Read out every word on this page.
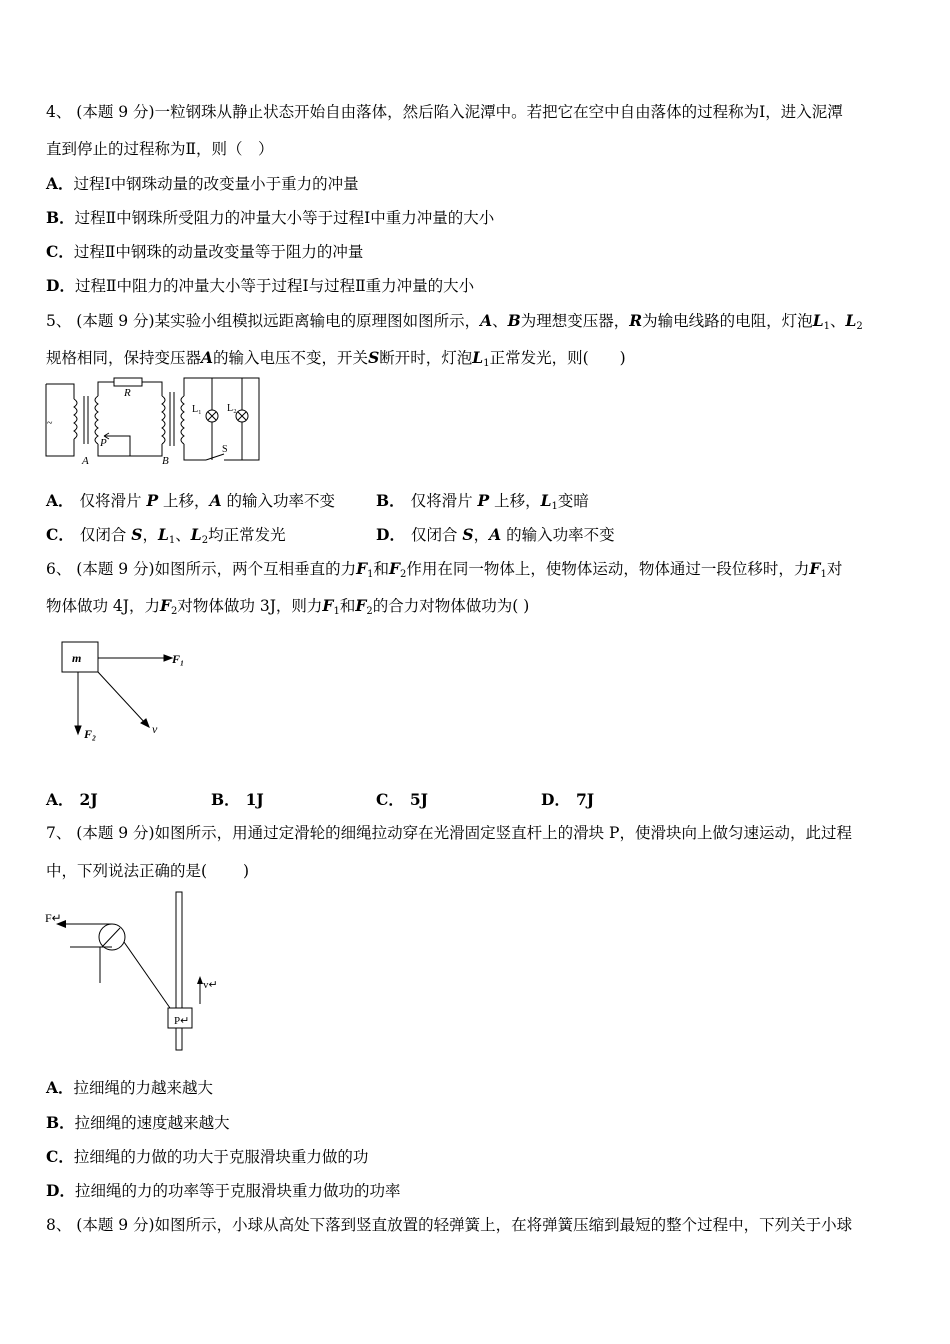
4、 (本题 9 分)一粒钢珠从静止状态开始自由落体，然后陷入泥潭中。若把它在空中自由落体的过程称为Ⅰ，进入泥潭
直到停止的过程称为Ⅱ，则（　）
A．过程Ⅰ中钢珠动量的改变量小于重力的冲量
B．过程Ⅱ中钢珠所受阻力的冲量大小等于过程Ⅰ中重力冲量的大小
C．过程Ⅱ中钢珠的动量改变量等于阻力的冲量
D．过程Ⅱ中阻力的冲量大小等于过程Ⅰ与过程Ⅱ重力冲量的大小
5、 (本题 9 分)某实验小组模拟远距离输电的原理图如图所示，A、B为理想变压器，R为输电线路的电阻，灯泡$L_1$、$L_2$
规格相同，保持变压器A的输入电压不变，开关S断开时，灯泡$L_1$正常发光，则(　　)
~
R
P
A	B
L₁	L₂
S
A． 仅将滑片 P 上移，A 的输入功率不变	B． 仅将滑片 P 上移，$L_1$变暗
C． 仅闭合 S，$L_1$、$L_2$均正常发光	D． 仅闭合 S，A 的输入功率不变
6、 (本题 9 分)如图所示，两个互相垂直的力$F_1$和$F_2$作用在同一物体上，使物体运动，物体通过一段位移时，力$F_1$对
物体做功 4J，力$F_2$对物体做功 3J，则力$F_1$和$F_2$的合力对物体做功为( )
m	F₁
F₂	v
A． 2J	B． 1J	C． 5J	D． 7J
7、 (本题 9 分)如图所示，用通过定滑轮的细绳拉动穿在光滑固定竖直杆上的滑块 P，使滑块向上做匀速运动，此过程
中，下列说法正确的是(　　 )
F↵
v↵
P↵
A．拉细绳的力越来越大
B．拉细绳的速度越来越大
C．拉细绳的力做的功大于克服滑块重力做的功
D．拉细绳的力的功率等于克服滑块重力做功的功率
8、 (本题 9 分)如图所示，小球从高处下落到竖直放置的轻弹簧上，在将弹簧压缩到最短的整个过程中，下列关于小球
